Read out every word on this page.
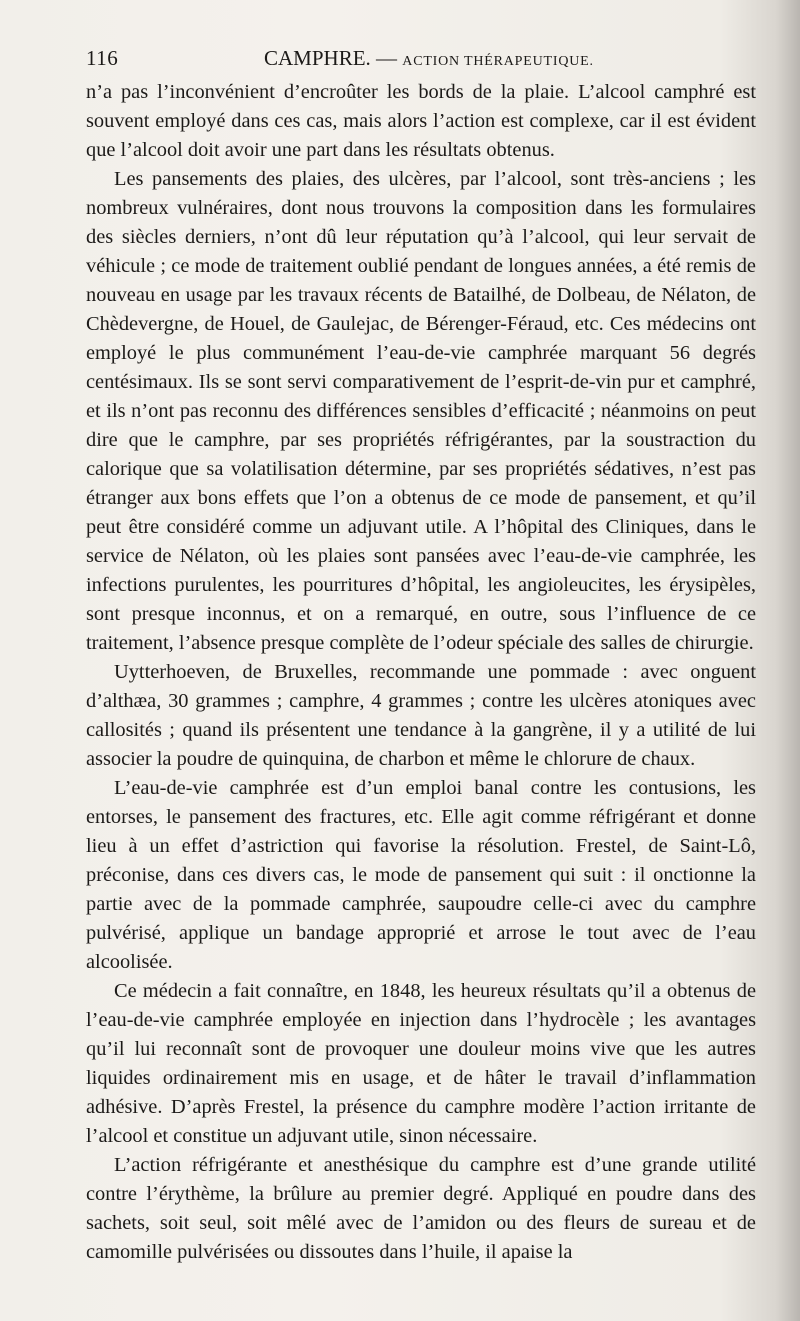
116	CAMPHRE. — ACTION THÉRAPEUTIQUE.

n’a pas l’inconvénient d’encroûter les bords de la plaie. L’alcool camphré est souvent employé dans ces cas, mais alors l’action est complexe, car il est évident que l’alcool doit avoir une part dans les résultats obtenus.

Les pansements des plaies, des ulcères, par l’alcool, sont très-anciens ; les nombreux vulnéraires, dont nous trouvons la composition dans les formulaires des siècles derniers, n’ont dû leur réputation qu’à l’alcool, qui leur servait de véhicule ; ce mode de traitement oublié pendant de longues années, a été remis de nouveau en usage par les travaux récents de Batailhé, de Dolbeau, de Nélaton, de Chèdevergne, de Houel, de Gaulejac, de Bérenger-Féraud, etc. Ces médecins ont employé le plus communément l’eau-de-vie camphrée marquant 56 degrés centésimaux. Ils se sont servi comparativement de l’esprit-de-vin pur et camphré, et ils n’ont pas reconnu des différences sensibles d’efficacité ; néanmoins on peut dire que le camphre, par ses propriétés réfrigérantes, par la soustraction du calorique que sa volatilisation détermine, par ses propriétés sédatives, n’est pas étranger aux bons effets que l’on a obtenus de ce mode de pansement, et qu’il peut être considéré comme un adjuvant utile. A l’hôpital des Cliniques, dans le service de Nélaton, où les plaies sont pansées avec l’eau-de-vie camphrée, les infections purulentes, les pourritures d’hôpital, les angioleucites, les érysipèles, sont presque inconnus, et on a remarqué, en outre, sous l’influence de ce traitement, l’absence presque complète de l’odeur spéciale des salles de chirurgie.

Uytterhoeven, de Bruxelles, recommande une pommade : avec onguent d’althæa, 30 grammes ; camphre, 4 grammes ; contre les ulcères atoniques avec callosités ; quand ils présentent une tendance à la gangrène, il y a utilité de lui associer la poudre de quinquina, de charbon et même le chlorure de chaux.

L’eau-de-vie camphrée est d’un emploi banal contre les contusions, les entorses, le pansement des fractures, etc. Elle agit comme réfrigérant et donne lieu à un effet d’astriction qui favorise la résolution. Frestel, de Saint-Lô, préconise, dans ces divers cas, le mode de pansement qui suit : il onctionne la partie avec de la pommade camphrée, saupoudre celle-ci avec du camphre pulvérisé, applique un bandage approprié et arrose le tout avec de l’eau alcoolisée.

Ce médecin a fait connaître, en 1848, les heureux résultats qu’il a obtenus de l’eau-de-vie camphrée employée en injection dans l’hydrocèle ; les avantages qu’il lui reconnaît sont de provoquer une douleur moins vive que les autres liquides ordinairement mis en usage, et de hâter le travail d’inflammation adhésive. D’après Frestel, la présence du camphre modère l’action irritante de l’alcool et constitue un adjuvant utile, sinon nécessaire.

L’action réfrigérante et anesthésique du camphre est d’une grande utilité contre l’érythème, la brûlure au premier degré. Appliqué en poudre dans des sachets, soit seul, soit mêlé avec de l’amidon ou des fleurs de sureau et de camomille pulvérisées ou dissoutes dans l’huile, il apaise la
